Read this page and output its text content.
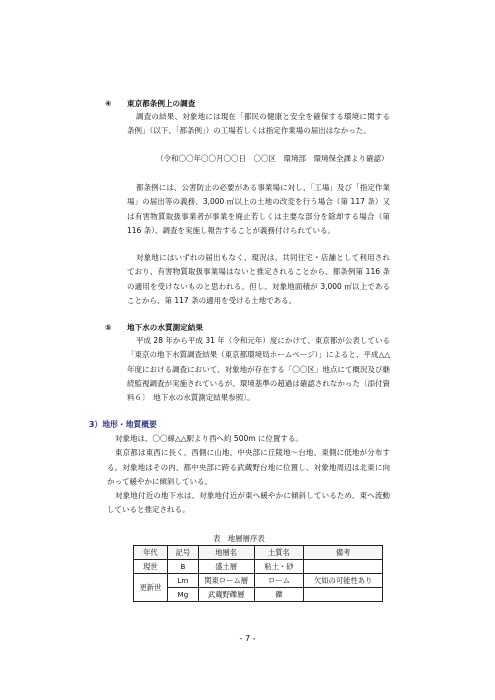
④ 東京都条例上の調査

調査の結果、対象地には現在「都民の健康と安全を確保する環境に関する条例」（以下、「都条例」）の工場若しくは指定作業場の届出はなかった。

（令和〇〇年〇〇月〇〇日　〇〇区　環境部　環境保全課より確認）

都条例には、公害防止の必要がある事業場に対し、「工場」及び「指定作業場」の届出等の義務、3,000 ㎡以上の土地の改変を行う場合（第 117 条）又は有害物質取扱事業者が事業を廃止若しくは主要な部分を除却する場合（第 116 条）、調査を実施し報告することが義務付けられている。

対象地にはいずれの届出もなく、現況は、共同住宅・店舗として利用されており、有害物質取扱事業場はないと推定されることから、都条例第 116 条の適用を受けないものと思われる。但し、対象地面積が 3,000 ㎡以上であることから、第 117 条の適用を受ける土地である。

⑤ 地下水の水質測定結果

平成 28 年から平成 31 年（令和元年）度にかけて、東京都が公表している「東京の地下水質調査結果（東京都環境局ホームページ）」によると、平成△△年度における調査において、対象地が存在する「〇〇区」地点にて概況及び継続監視調査が実施されているが、環境基準の超過は確認されなかった〔添付資料６〕　地下水の水質測定結果参照〕。

3）地形・地質概要

対象地は、〇〇線△△駅より西へ約 500m に位置する。

東京都は東西に長く、西側に山地、中央部に丘陵地～台地、東側に低地が分布する。対象地はその内、都中央部に跨る武蔵野台地に位置し、対象地周辺は北東に向かって緩やかに傾斜している。

対象地付近の地下水は、対象地付近が東へ緩やかに傾斜しているため、東へ流動していると推定される。

表　地層層序表
年代	記号	地層名	土質名	備考
現世	B	盛土層	粘土・砂	
更新世	Lm	関東ローム層	ローム	欠如の可能性あり
	Mg	武蔵野礫層	礫	
- 7 -
